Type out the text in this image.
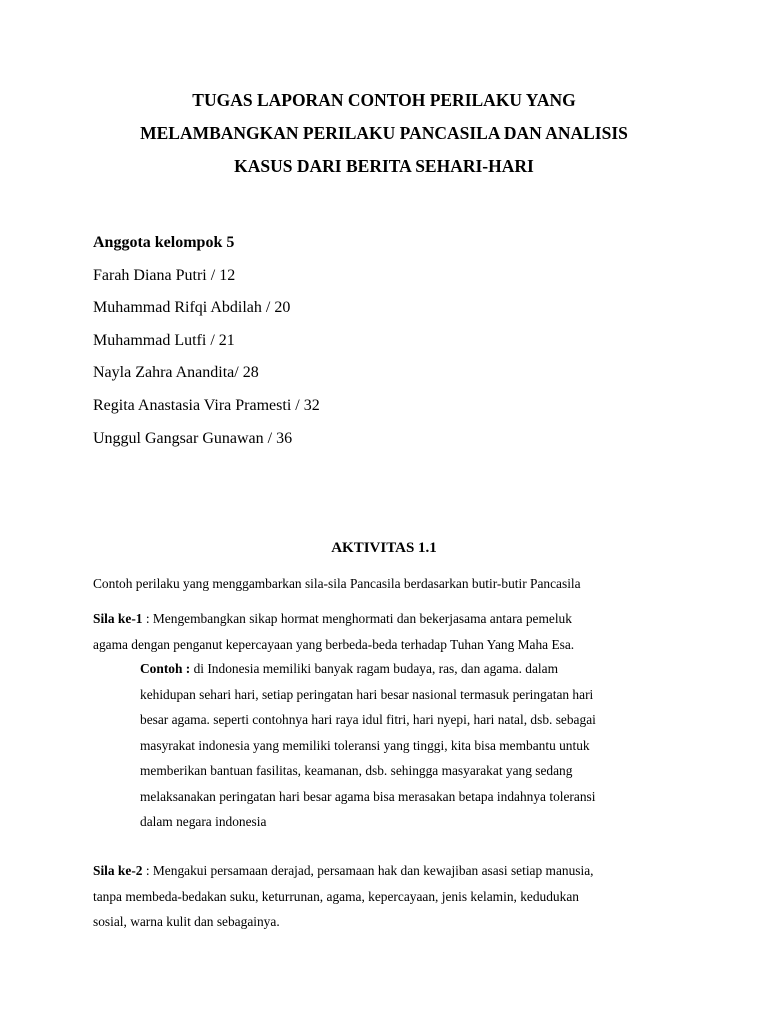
TUGAS LAPORAN CONTOH PERILAKU YANG
MELAMBANGKAN PERILAKU PANCASILA DAN ANALISIS
KASUS DARI BERITA SEHARI-HARI
Anggota kelompok 5
Farah Diana Putri / 12
Muhammad Rifqi Abdilah / 20
Muhammad Lutfi / 21
Nayla Zahra Anandita/ 28
Regita Anastasia Vira Pramesti / 32
Unggul Gangsar Gunawan / 36
AKTIVITAS 1.1
Contoh perilaku yang menggambarkan sila-sila Pancasila berdasarkan butir-butir Pancasila
Sila ke-1 : Mengembangkan sikap hormat menghormati dan bekerjasama antara pemeluk
agama dengan penganut kepercayaan yang berbeda-beda terhadap Tuhan Yang Maha Esa.
Contoh : di Indonesia memiliki banyak ragam budaya, ras, dan agama. dalam
kehidupan sehari hari, setiap peringatan hari besar nasional termasuk peringatan hari
besar agama. seperti contohnya hari raya idul fitri, hari nyepi, hari natal, dsb. sebagai
masyrakat indonesia yang memiliki toleransi yang tinggi, kita bisa membantu untuk
memberikan bantuan fasilitas, keamanan, dsb. sehingga masyarakat yang sedang
melaksanakan peringatan hari besar agama bisa merasakan betapa indahnya toleransi
dalam negara indonesia
Sila ke-2 : Mengakui persamaan derajad, persamaan hak dan kewajiban asasi setiap manusia,
tanpa membeda-bedakan suku, keturrunan, agama, kepercayaan, jenis kelamin, kedudukan
sosial, warna kulit dan sebagainya.
